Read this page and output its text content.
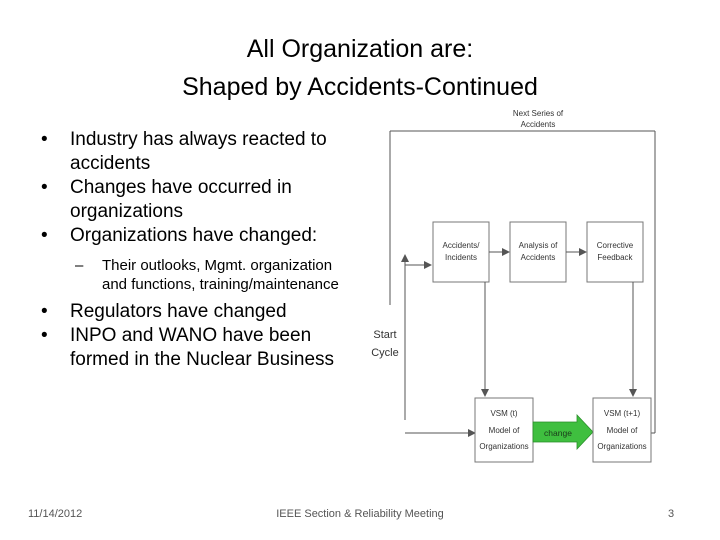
All Organization are:
Shaped by Accidents-Continued
• Industry has always reacted to accidents
• Changes have occurred in organizations
• Organizations have changed:
– Their outlooks, Mgmt. organization and functions, training/maintenance
• Regulators have changed
• INPO and WANO have been formed in the Nuclear Business
Next Series of
Accidents
Start
Cycle
Accidents/
Incidents
Analysis of
Accidents
Corrective
Feedback
VSM (t)
Model of
Organizations
change
VSM (t+1)
Model of
Organizations
11/14/2012	IEEE Section & Reliability Meeting	3
